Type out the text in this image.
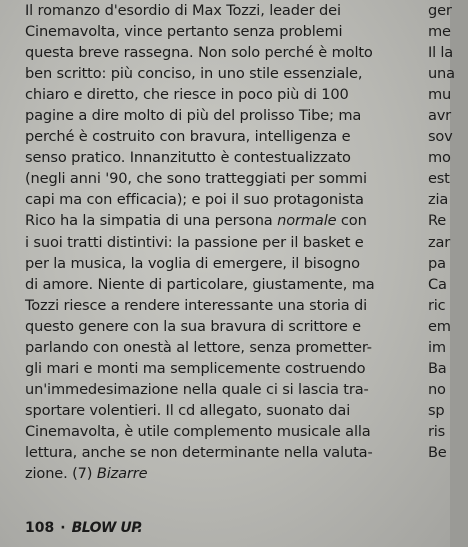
Il romanzo d'esordio di Max Tozzi, leader dei
Cinemavolta, vince pertanto senza problemi
questa breve rassegna. Non solo perché è molto
ben scritto: più conciso, in uno stile essenziale,
chiaro e diretto, che riesce in poco più di 100
pagine a dire molto di più del prolisso Tibe; ma
perché è costruito con bravura, intelligenza e
senso pratico. Innanzitutto è contestualizzato
(negli anni '90, che sono tratteggiati per sommi
capi ma con efficacia); e poi il suo protagonista
Rico ha la simpatia di una persona normale con
i suoi tratti distintivi: la passione per il basket e
per la musica, la voglia di emergere, il bisogno
di amore. Niente di particolare, giustamente, ma
Tozzi riesce a rendere interessante una storia di
questo genere con la sua bravura di scrittore e
parlando con onestà al lettore, senza prometter-
gli mari e monti ma semplicemente costruendo
un'immedesimazione nella quale ci si lascia tra-
sportare volentieri. Il cd allegato, suonato dai
Cinemavolta, è utile complemento musicale alla
lettura, anche se non determinante nella valuta-
zione. (7) Bizarre
ger
me
Il la
una
mu
avr
sov
mo
est
zia
Re
zar
pa
Ca
ric
em
im
Ba
no
sp
ris
Be
108 · BLOW UP.
